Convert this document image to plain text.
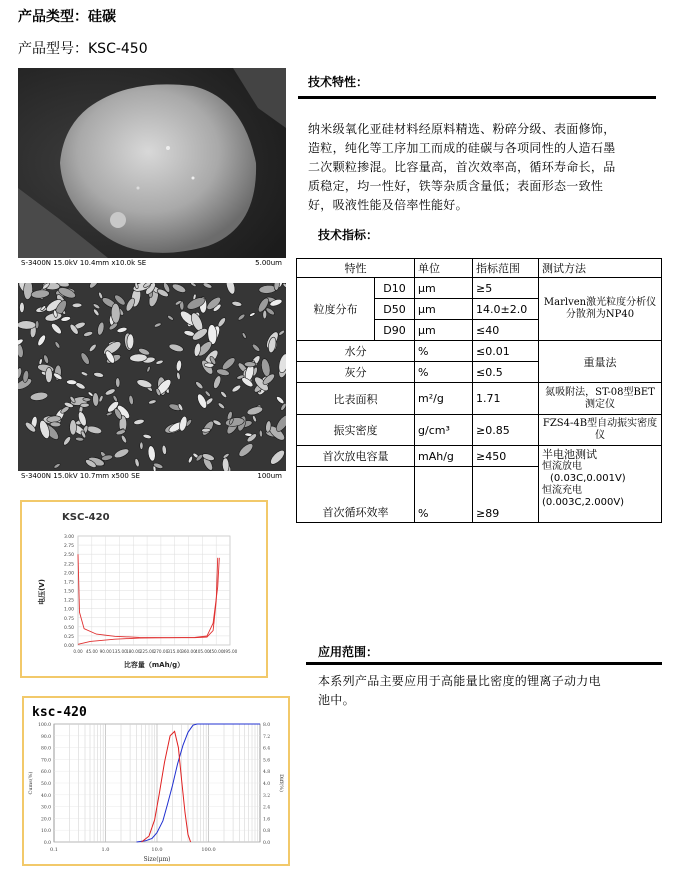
产品类型：硅碳
产品型号：KSC-450
S-3400N 15.0kV 10.4mm x10.0k SE	5.00um
S-3400N 15.0kV 10.7mm x500 SE	100um
技术特性：
纳米级氧化亚硅材料经原料精选、粉碎分级、表面修饰，
造粒，纯化等工序加工而成的硅碳与各项同性的人造石墨
二次颗粒掺混。比容量高，首次效率高，循环寿命长，品
质稳定，均一性好，铁等杂质含量低；表面形态一致性
好，吸液性能及倍率性能好。
技术指标：
特性		单位	指标范围	测试方法
粒度分布	D10	μm	≥5	Marlven激光粒度分析仪分散剂为NP40
	D50	μm	14.0±2.0	
	D90	μm	≤40	
水分		%	≤0.01	重量法
灰分		%	≤0.5	
比表面积		m²/g	1.71	氮吸附法，ST-08型BET测定仪
振实密度		g/cm³	≥0.85	FZS4-4B型自动振实密度仪
首次放电容量		mAh/g	≥450	半电池测试
恒流放电
(0.03C,0.001V)
恒流充电
(0.003C,2.000V)

首次循环效率		%	≥89	
KSC-420
0.00
0.25
0.50
0.75
1.00
1.25
1.50
1.75
2.00
2.25
2.50
2.75
3.00
0.00 45.00 90.00 135.00 180.00 225.00 270.00 315.00 360.00 405.00 450.00 495.00
电压(V)
比容量（mAh/g）
应用范围：
本系列产品主要应用于高能量比密度的锂离子动力电
池中。
ksc-420
0.0
10.0
20.0
30.0
40.0
50.0
60.0
70.0
80.0
90.0
100.0
0.0
0.8
1.6
2.4
3.2
4.0
4.8
5.6
6.4
7.2
8.0
0.1	1.0	10.0	100.0
Size(μm)
Cums(%)	Diff(%)
